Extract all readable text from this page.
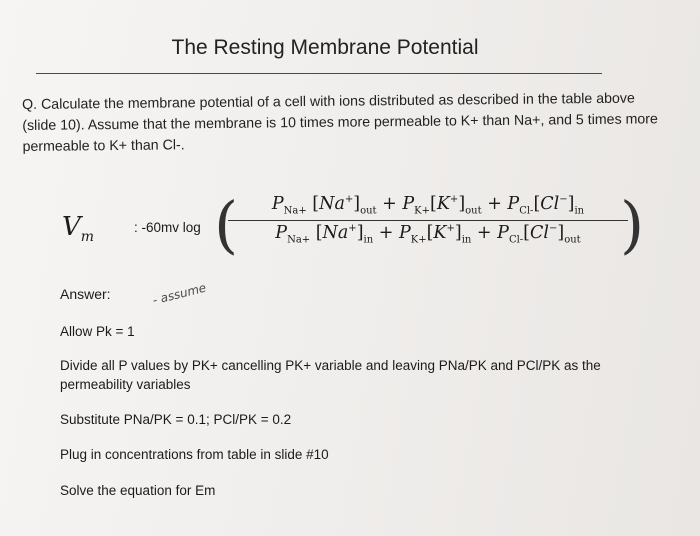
The Resting Membrane Potential
Q. Calculate the membrane potential of a cell with ions distributed as described in the table above (slide 10). Assume that the membrane is 10 times more permeable to K+ than Na+, and 5 times more permeable to K+ than Cl-.
$V_m$
: -60mv log (	$P_{Na+}$ $[Na^+]_{out} + P_{K+}[K^+]_{out} + P_{Cl-}[Cl^-]_{in}$
$P_{Na+}$ $[Na^+]_{in} + P_{K+}[K^+]_{in} + P_{Cl-}[Cl^-]_{out}$ )
Answer:	- assume
Allow Pk = 1
Divide all P values by PK+ cancelling PK+ variable and leaving PNa/PK and PCl/PK as the permeability variables
Substitute PNa/PK = 0.1; PCl/PK = 0.2
Plug in concentrations from table in slide #10
Solve the equation for Em
